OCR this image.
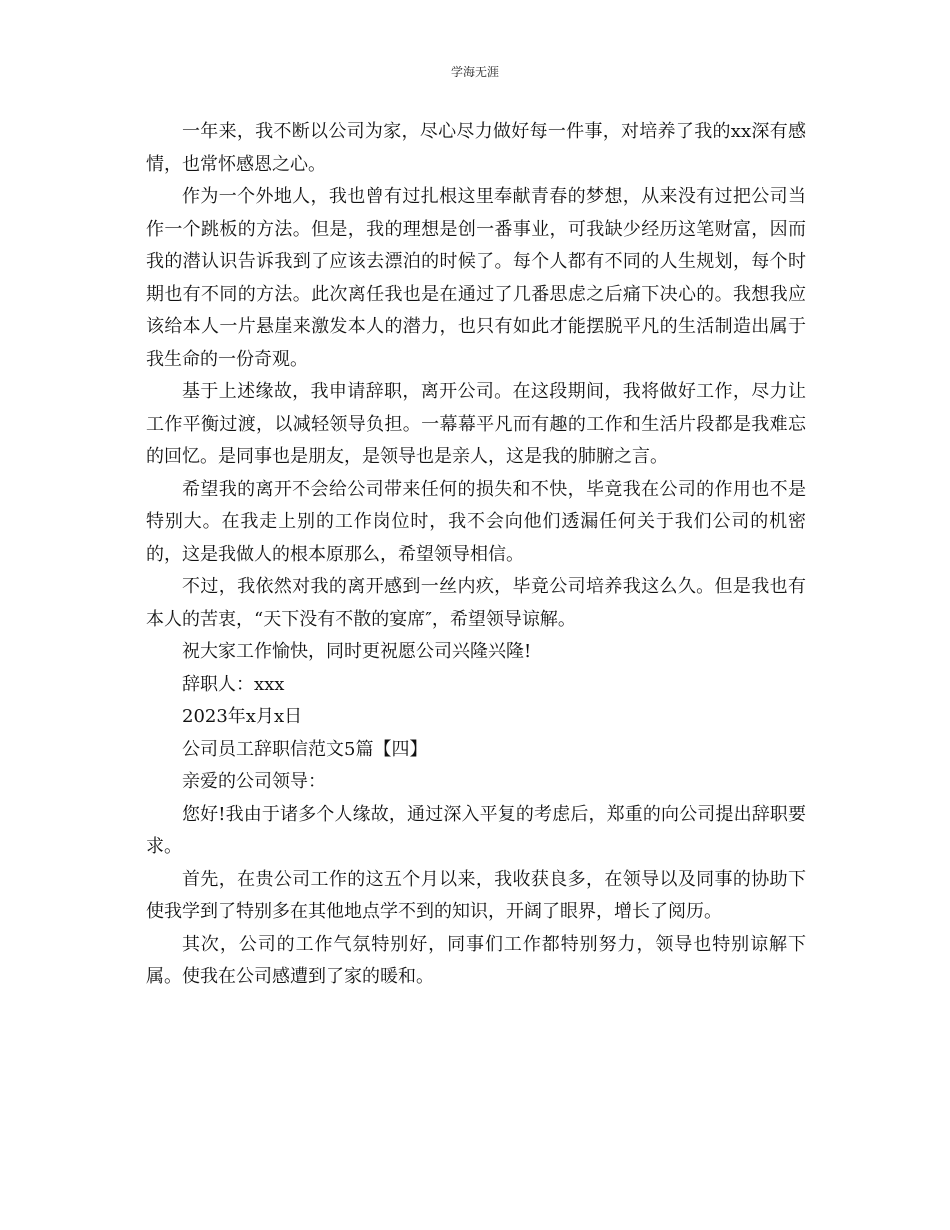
学海无涯

一年来，我不断以公司为家，尽心尽力做好每一件事，对培养了我的xx深有感情，也常怀感恩之心。

作为一个外地人，我也曾有过扎根这里奉献青春的梦想，从来没有过把公司当作一个跳板的方法。但是，我的理想是创一番事业，可我缺少经历这笔财富，因而我的潜认识告诉我到了应该去漂泊的时候了。每个人都有不同的人生规划，每个时期也有不同的方法。此次离任我也是在通过了几番思虑之后痛下决心的。我想我应该给本人一片悬崖来激发本人的潜力，也只有如此才能摆脱平凡的生活制造出属于我生命的一份奇观。

基于上述缘故，我申请辞职，离开公司。在这段期间，我将做好工作，尽力让工作平衡过渡，以减轻领导负担。一幕幕平凡而有趣的工作和生活片段都是我难忘的回忆。是同事也是朋友，是领导也是亲人，这是我的肺腑之言。

希望我的离开不会给公司带来任何的损失和不快，毕竟我在公司的作用也不是特别大。在我走上别的工作岗位时，我不会向他们透漏任何关于我们公司的机密的，这是我做人的根本原那么，希望领导相信。

不过，我依然对我的离开感到一丝内疚，毕竟公司培养我这么久。但是我也有本人的苦衷，“天下没有不散的宴席″，希望领导谅解。

祝大家工作愉快，同时更祝愿公司兴隆兴隆!

辞职人：xxx

2023年x月x日

公司员工辞职信范文5篇【四】

亲爱的公司领导：

您好!我由于诸多个人缘故，通过深入平复的考虑后，郑重的向公司提出辞职要求。

首先，在贵公司工作的这五个月以来，我收获良多，在领导以及同事的协助下使我学到了特别多在其他地点学不到的知识，开阔了眼界，增长了阅历。

其次，公司的工作气氛特别好，同事们工作都特别努力，领导也特别谅解下属。使我在公司感遭到了家的暖和。
